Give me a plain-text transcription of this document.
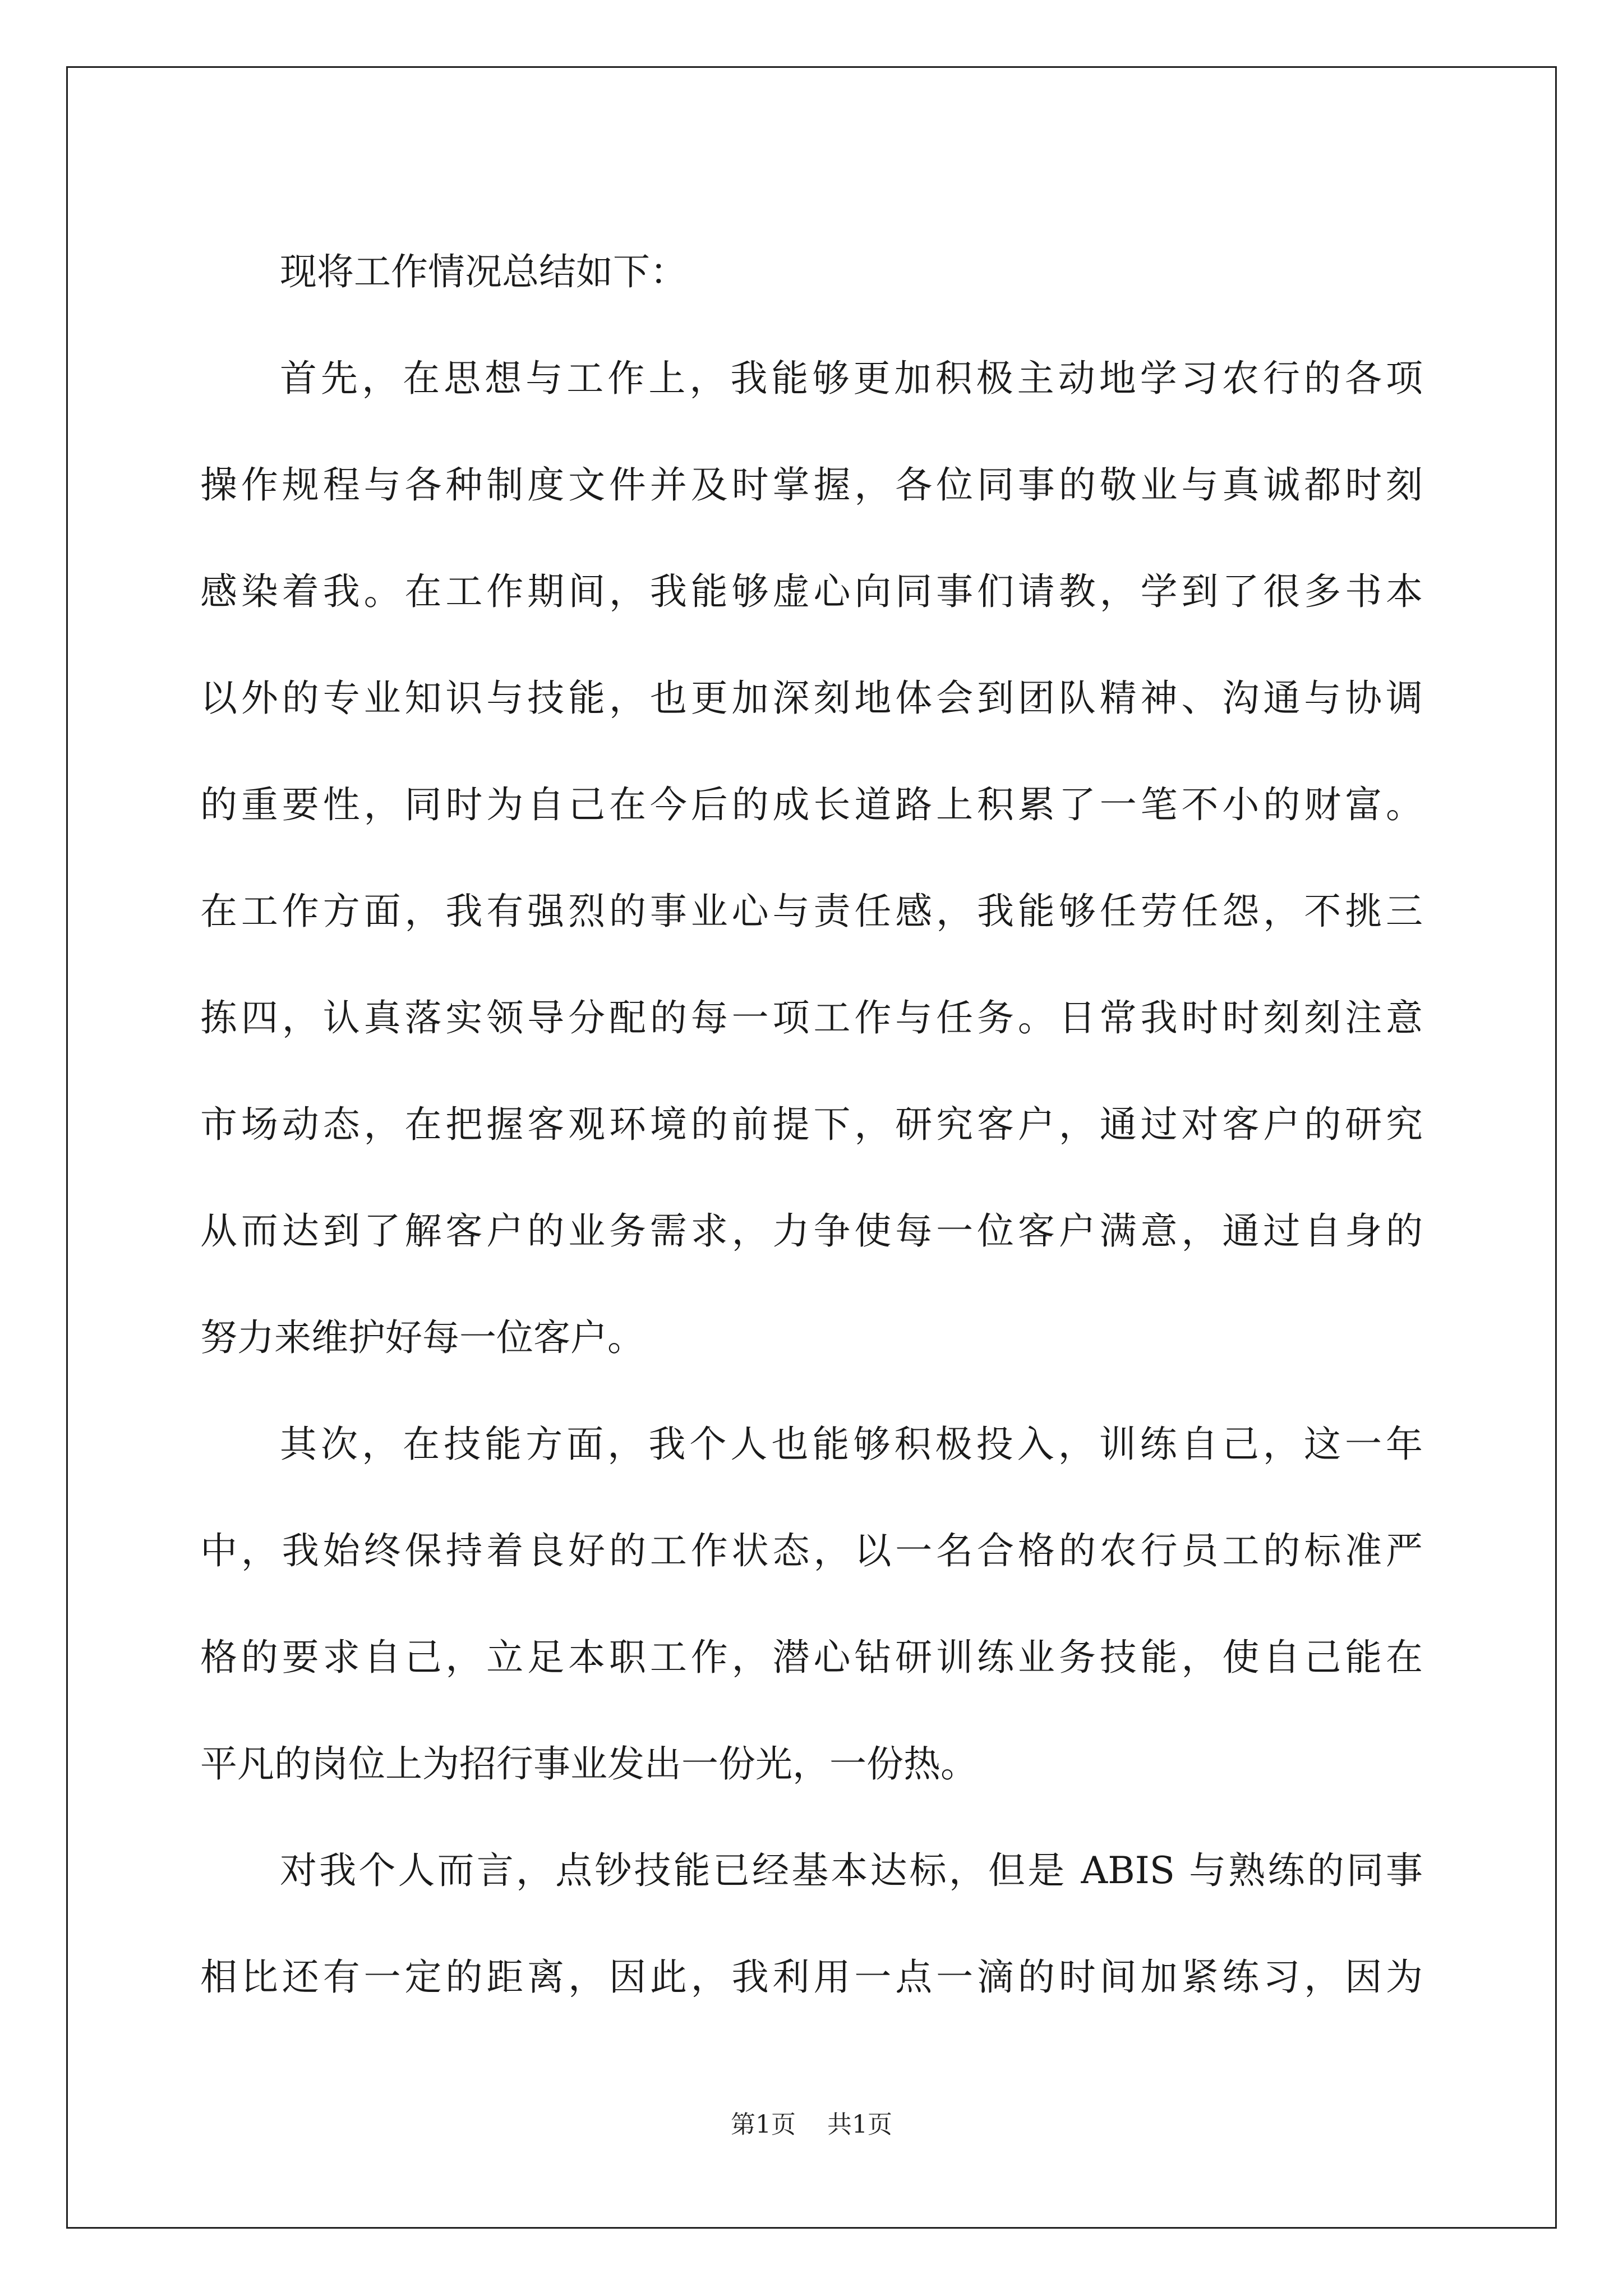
现将工作情况总结如下：
首先，在思想与工作上，我能够更加积极主动地学习农行的各项
操作规程与各种制度文件并及时掌握，各位同事的敬业与真诚都时刻
感染着我。在工作期间，我能够虚心向同事们请教，学到了很多书本
以外的专业知识与技能，也更加深刻地体会到团队精神、沟通与协调
的重要性，同时为自己在今后的成长道路上积累了一笔不小的财富。
在工作方面，我有强烈的事业心与责任感，我能够任劳任怨，不挑三
拣四，认真落实领导分配的每一项工作与任务。日常我时时刻刻注意
市场动态，在把握客观环境的前提下，研究客户，通过对客户的研究
从而达到了解客户的业务需求，力争使每一位客户满意，通过自身的
努力来维护好每一位客户。
其次，在技能方面，我个人也能够积极投入，训练自己，这一年
中，我始终保持着良好的工作状态，以一名合格的农行员工的标准严
格的要求自己，立足本职工作，潜心钻研训练业务技能，使自己能在
平凡的岗位上为招行事业发出一份光，一份热。
对我个人而言，点钞技能已经基本达标，但是 ABIS 与熟练的同事
相比还有一定的距离，因此，我利用一点一滴的时间加紧练习，因为
第1页 共1页
